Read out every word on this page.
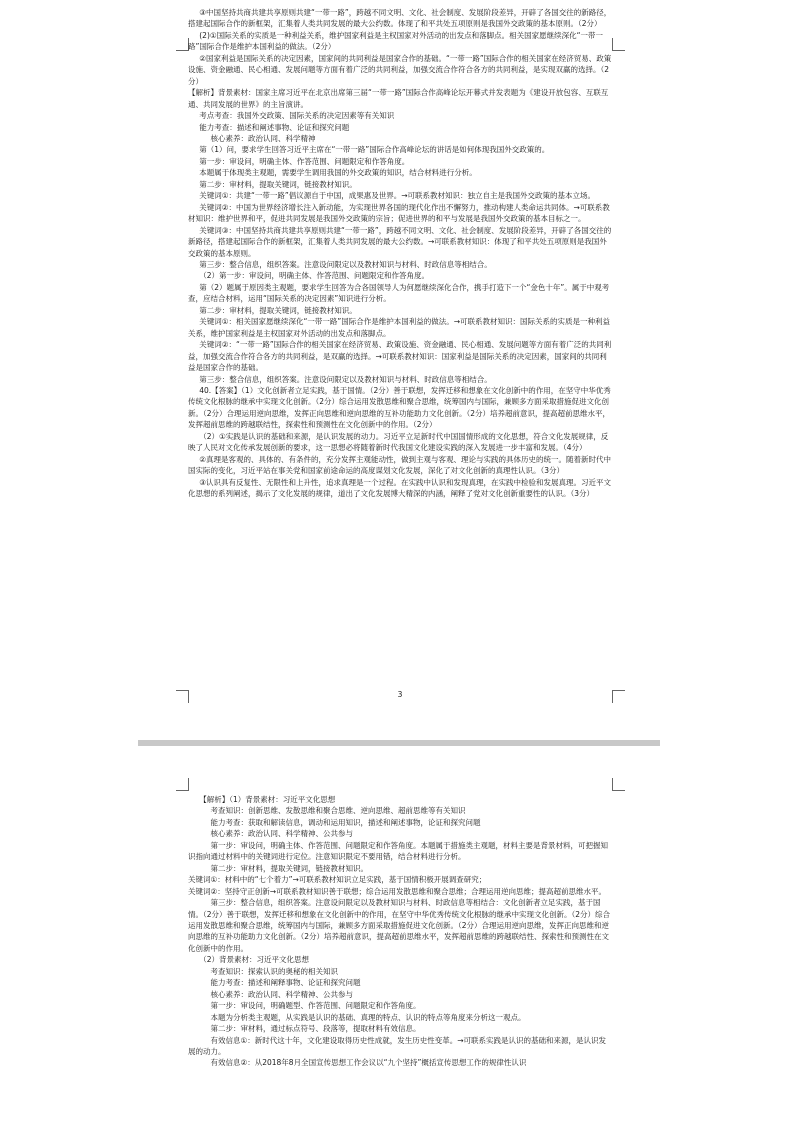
③中国坚持共商共建共享原则共建“一带一路”，跨越不同文明、文化、社会制度、发展阶段差异，开辟了各国交往的新路径，搭建起国际合作的新框架，汇集着人类共同发展的最大公约数。体现了和平共处五项原则是我国外交政策的基本原则。（2分）

(2)①国际关系的实质是一种利益关系，维护国家利益是主权国家对外活动的出发点和落脚点。相关国家愿继续深化“一带一路”国际合作是维护本国利益的做法。（2分）

②国家利益是国际关系的决定因素，国家间的共同利益是国家合作的基础。“一带一路”国际合作的相关国家在经济贸易、政策设施、资金融通、民心相通、发展问题等方面有着广泛的共同利益，加强交流合作符合各方的共同利益，是实现双赢的选择。（2分）

【解析】背景素材：国家主席习近平在北京出席第三届“一带一路”国际合作高峰论坛开幕式并发表题为《建设开放包容、互联互通、共同发展的世界》的主旨演讲。

考点考查：我国外交政策、国际关系的决定因素等有关知识

能力考查：描述和阐述事物、论证和探究问题

核心素养：政治认同、科学精神

第（1）问，要求学生回答习近平主席在“一带一路”国际合作高峰论坛的讲话是如何体现我国外交政策的。

第一步：审设问，明确主体、作答范围、问题限定和作答角度。

本题属于体现类主观题，需要学生调用我国的外交政策的知识，结合材料进行分析。

第二步：审材料，提取关键词，链接教材知识。

关键词①：共建“一带一路”倡议源自于中国，成果惠及世界。→可联系教材知识：独立自主是我国外交政策的基本立场。

关键词②：中国为世界经济增长注入新动能，为实现世界各国的现代化作出不懈努力，推动构建人类命运共同体。→可联系教材知识：维护世界和平，促进共同发展是我国外交政策的宗旨；促进世界的和平与发展是我国外交政策的基本目标之一。

关键词③：中国坚持共商共建共享原则共建“一带一路”，跨越不同文明、文化、社会制度、发展阶段差异，开辟了各国交往的新路径，搭建起国际合作的新框架，汇集着人类共同发展的最大公约数。→可联系教材知识：体现了和平共处五项原则是我国外交政策的基本原则。

第三步：整合信息，组织答案。注意设问限定以及教材知识与材料、时政信息等相结合。

（2）第一步：审设问，明确主体、作答范围、问题限定和作答角度。

第（2）题属于原因类主观题，要求学生回答为合各国领导人为何愿继续深化合作，携手打造下一个“金色十年”。属于中观考查，应结合材料，运用“国际关系的决定因素”知识进行分析。

第二步：审材料，提取关键词，链接教材知识。

关键词①：相关国家愿继续深化“一带一路”国际合作是维护本国利益的做法。→可联系教材知识：国际关系的实质是一种利益关系，维护国家利益是主权国家对外活动的出发点和落脚点。

关键词②：“一带一路”国际合作的相关国家在经济贸易、政策设施、资金融通、民心相通、发展问题等方面有着广泛的共同利益，加强交流合作符合各方的共同利益，是双赢的选择。→可联系教材知识：国家利益是国际关系的决定因素，国家间的共同利益是国家合作的基础。

第三步：整合信息，组织答案。注意设问限定以及教材知识与材料、时政信息等相结合。

40.【答案】（1）文化创新者立足实践，基于国情。（2分）善于联想，发挥迁移和想象在文化创新中的作用，在坚守中华优秀传统文化根脉的继承中实现文化创新。（2分）综合运用发散思维和聚合思维，统筹国内与国际，兼顾多方面采取措施促进文化创新。（2分）合理运用逆向思维，发挥正向思维和逆向思维的互补功能助力文化创新。（2分）培养超前意识，提高超前思维水平，发挥超前思维的跨越联结性，探索性和预测性在文化创新中的作用。（2分）

（2）①实践是认识的基础和来源，是认识发展的动力。习近平立足新时代中国国情形成的文化思想，符合文化发展规律，反映了人民对文化传承发展创新的要求，这一思想必将随着新时代我国文化建设实践的深入发展进一步丰富和发展。（4分）

②真理是客观的、具体的、有条件的，充分发挥主观能动性，做到主观与客观、理论与实践的具体历史的统一。随着新时代中国实际的变化，习近平站在事关党和国家前途命运的高度谋划文化发展，深化了对文化创新的真理性认识。（3分）

③认识具有反复性、无限性和上升性，追求真理是一个过程。在实践中认识和发现真理，在实践中检验和发展真理。习近平文化思想的系列阐述，揭示了文化发展的规律，道出了文化发展博大精深的内涵，阐释了党对文化创新重要性的认识。（3分）

3

【解析】（1）背景素材：习近平文化思想

考查知识：创新思维、发散思维和聚合思维、逆向思维、超前思维等有关知识

能力考查：获取和解读信息，调动和运用知识，描述和阐述事物，论证和探究问题

核心素养：政治认同、科学精神、公共参与

第一步：审设问，明确主体、作答范围、问题限定和作答角度。本题属于措施类主观题，材料主要是背景材料，可把握知识指向通过材料中的关键词进行定位。注意知识限定不要用错，结合材料进行分析。

第二步：审材料，提取关键词，链接教材知识。

关键词①：材料中的“七个着力”→可联系教材知识立足实践，基于国情积极开展调查研究；

关键词②：坚持守正创新→可联系教材知识善于联想；综合运用发散思维和聚合思维；合理运用逆向思维；提高超前思维水平。

第三步：整合信息，组织答案。注意设问限定以及教材知识与材料、时政信息等相结合：文化创新者立足实践，基于国情。（2分）善于联想，发挥迁移和想象在文化创新中的作用，在坚守中华优秀传统文化根脉的继承中实现文化创新。（2分）综合运用发散思维和聚合思维，统筹国内与国际，兼顾多方面采取措施促进文化创新。（2分）合理运用逆向思维，发挥正向思维和逆向思维的互补功能助力文化创新。（2分）培养超前意识，提高超前思维水平，发挥超前思维的跨越联结性、探索性和预测性在文化创新中的作用。

（2）背景素材：习近平文化思想

考查知识：探索认识的奥秘的相关知识

能力考查：描述和阐释事物、论证和探究问题

核心素养：政治认同、科学精神、公共参与

第一步：审设问，明确题型、作答范围、问题限定和作答角度。

本题为分析类主观题，从实践是认识的基础、真理的特点、认识的特点等角度来分析这一观点。

第二步：审材料，通过标点符号、段落等，提取材料有效信息。

有效信息①：新时代这十年，文化建设取得历史性成就，发生历史性变革。→可联系实践是认识的基础和来源，是认识发展的动力。

有效信息②：从2018年8月全国宣传思想工作会议以“九个坚持”概括宣传思想工作的规律性认识
